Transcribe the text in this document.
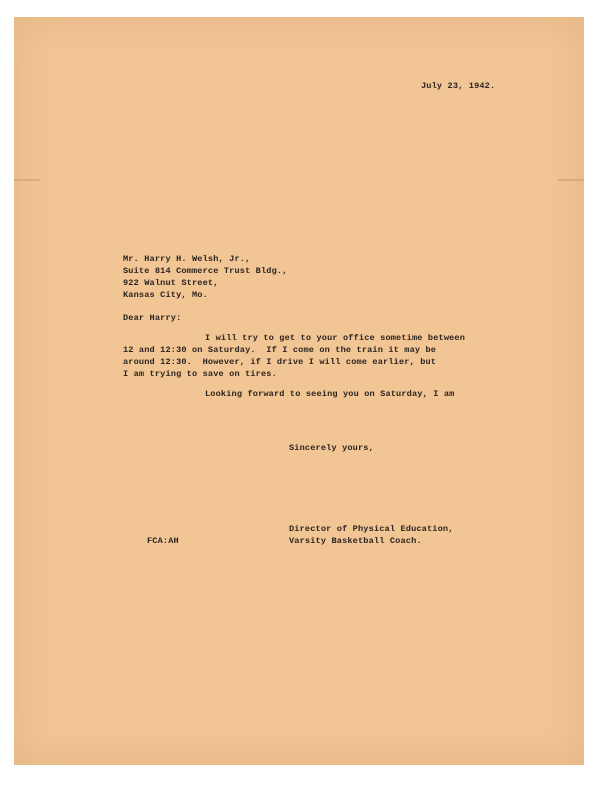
July 23, 1942.
Mr. Harry H. Welsh, Jr.,
Suite 814 Commerce Trust Bldg.,
922 Walnut Street,
Kansas City, Mo.
Dear Harry:
I will try to get to your office sometime between
12 and 12:30 on Saturday.  If I come on the train it may be
around 12:30.  However, if I drive I will come earlier, but
I am trying to save on tires.
Looking forward to seeing you on Saturday, I am
Sincerely yours,
Director of Physical Education,
Varsity Basketball Coach.
FCA:AH
